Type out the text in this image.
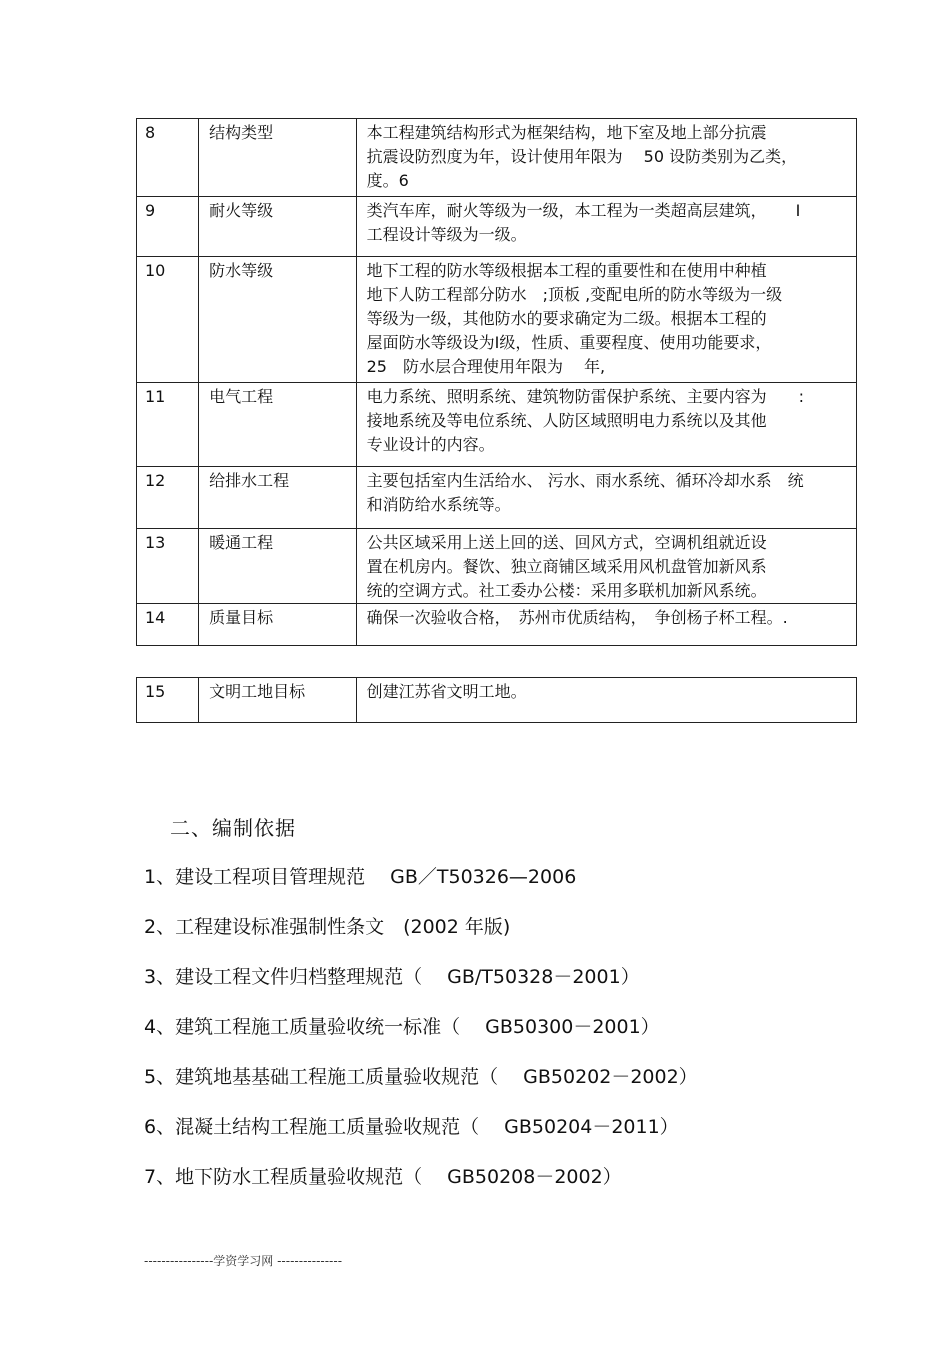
8	结构类型	本工程建筑结构形式为框架结构，地下室及地上部分抗震
抗震设防烈度为年，设计使用年限为　 50 设防类别为乙类，
度。6

9	耐火等级	类汽车库，耐火等级为一级，本工程为一类超高层建筑，　　 I
工程设计等级为一级。

10	防水等级	地下工程的防水等级根据本工程的重要性和在使用中种植
地下人防工程部分防水　;顶板 ,变配电所的防水等级为一级
等级为一级，其他防水的要求确定为二级。根据本工程的
屋面防水等级设为Ⅰ级，性质、重要程度、使用功能要求，
25　防水层合理使用年限为　 年,

11	电气工程	电力系统、照明系统、建筑物防雷保护系统、主要内容为　　:
接地系统及等电位系统、人防区域照明电力系统以及其他
专业设计的内容。

12	给排水工程	主要包括室内生活给水、 污水、雨水系统、循环冷却水系　统
和消防给水系统等。

13	暖通工程	公共区域采用上送上回的送、回风方式，空调机组就近设
置在机房内。餐饮、独立商铺区域采用风机盘管加新风系
统的空调方式。社工委办公楼：采用多联机加新风系统。

14	质量目标	确保一次验收合格，　苏州市优质结构，　争创杨子杯工程。.
15	文明工地目标	创建江苏省文明工地。
二、编制依据
1、建设工程项目管理规范　 GB／T50326—2006
2、工程建设标准强制性条文　(2002 年版)
3、建设工程文件归档整理规范（　 GB/T50328－2001）
4、建筑工程施工质量验收统一标准（　 GB50300－2001）
5、建筑地基基础工程施工质量验收规范（　 GB50202－2002）
6、混凝土结构工程施工质量验收规范（　 GB50204－2011）
7、地下防水工程质量验收规范（　 GB50208－2002）
----------------学资学习网 ---------------
